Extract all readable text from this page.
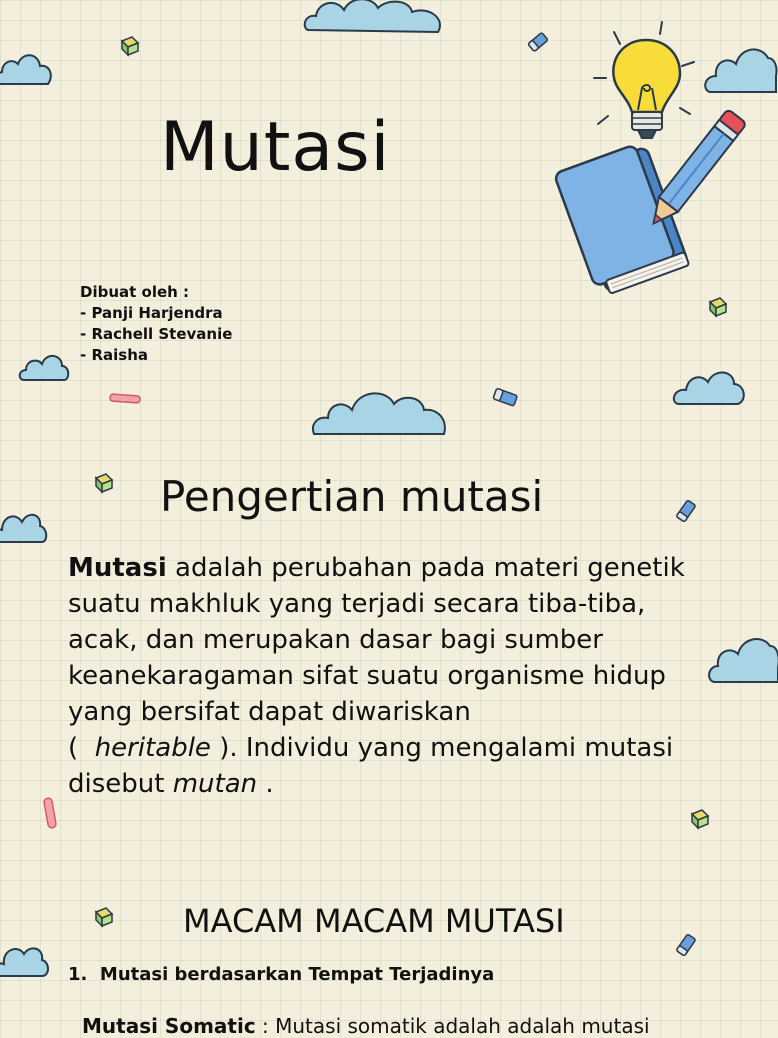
Mutasi
Dibuat oleh :
- Panji Harjendra
- Rachell Stevanie
- Raisha
Pengertian mutasi

Mutasi adalah perubahan pada materi genetik suatu makhluk yang terjadi secara tiba-tiba, acak, dan merupakan dasar bagi sumber keanekaragaman sifat suatu organisme hidup yang bersifat dapat diwariskan
(  heritable ). Individu yang mengalami mutasi disebut mutan .

MACAM MACAM MUTASI
1. Mutasi berdasarkan Tempat Terjadinya
Mutasi Somatic : Mutasi somatik adalah adalah mutasi
